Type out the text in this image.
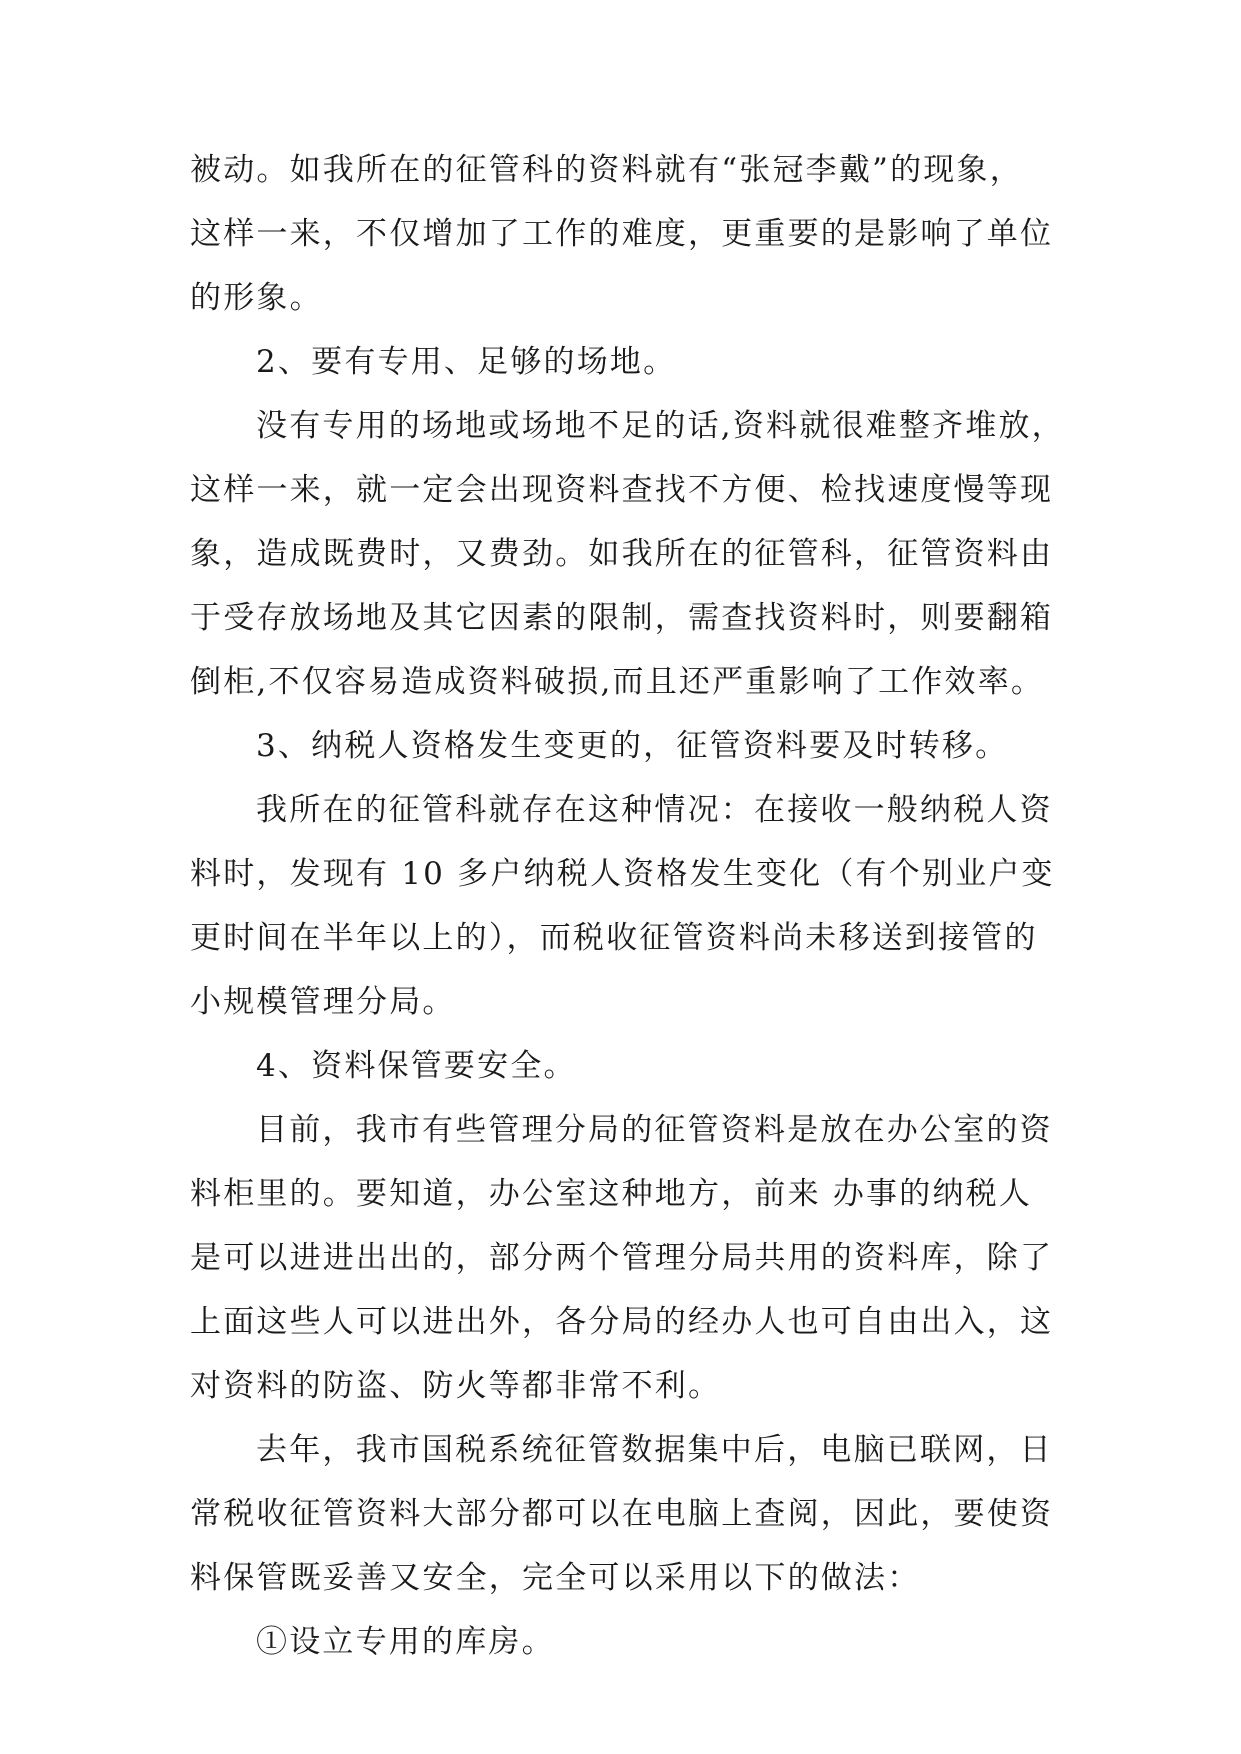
被动。如我所在的征管科的资料就有“张冠李戴”的现象，
这样一来，不仅增加了工作的难度，更重要的是影响了单位
的形象。
2、要有专用、足够的场地。
没有专用的场地或场地不足的话,资料就很难整齐堆放，
这样一来，就一定会出现资料查找不方便、检找速度慢等现
象，造成既费时，又费劲。如我所在的征管科，征管资料由
于受存放场地及其它因素的限制，需查找资料时，则要翻箱
倒柜,不仅容易造成资料破损,而且还严重影响了工作效率。
3、纳税人资格发生变更的，征管资料要及时转移。
我所在的征管科就存在这种情况：在接收一般纳税人资
料时，发现有 10 多户纳税人资格发生变化（有个别业户变
更时间在半年以上的），而税收征管资料尚未移送到接管的
小规模管理分局。
4、资料保管要安全。
目前，我市有些管理分局的征管资料是放在办公室的资
料柜里的。要知道，办公室这种地方，前来 办事的纳税人
是可以进进出出的，部分两个管理分局共用的资料库，除了
上面这些人可以进出外，各分局的经办人也可自由出入，这
对资料的防盗、防火等都非常不利。
去年，我市国税系统征管数据集中后，电脑已联网，日
常税收征管资料大部分都可以在电脑上查阅，因此，要使资
料保管既妥善又安全，完全可以采用以下的做法：
①设立专用的库房。
